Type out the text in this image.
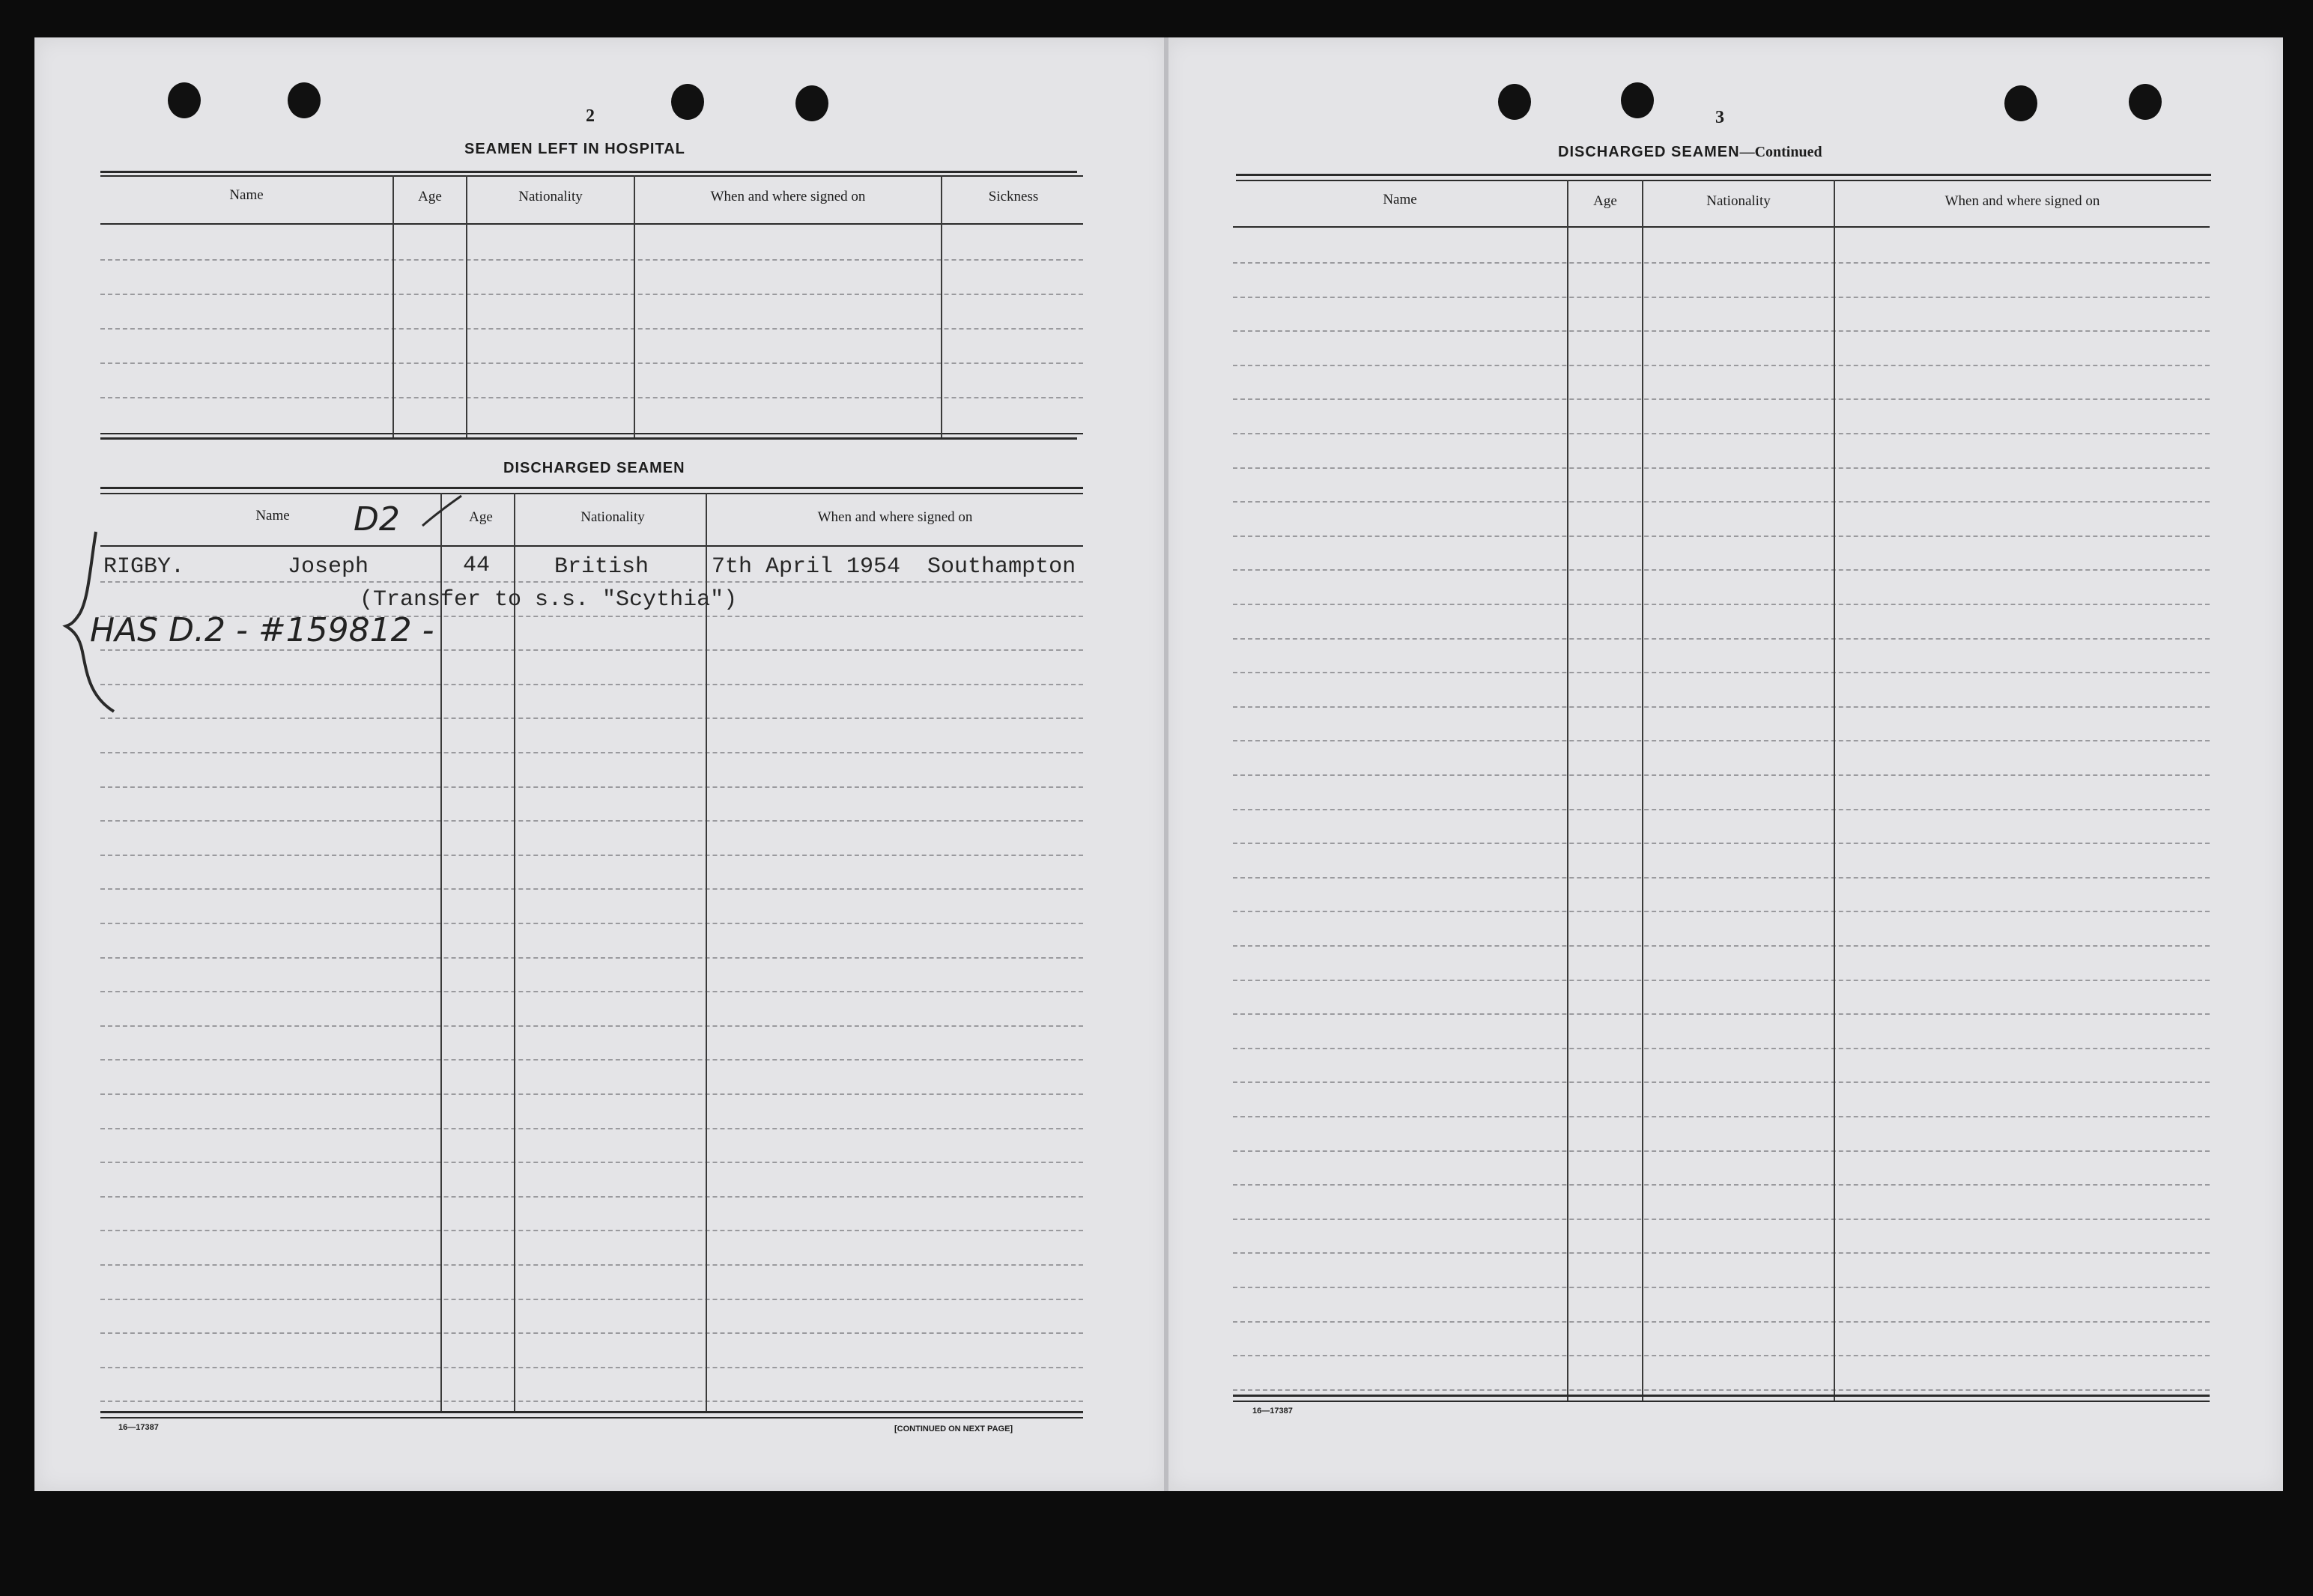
2
SEAMEN LEFT IN HOSPITAL
Name	Age	Nationality	When and where signed on	Sickness
DISCHARGED SEAMEN
Name	Age	Nationality	When and where signed on
RIGBY.	Joseph	44	British	7th April 1954  Southampton
(Transfer to s.s. "Scythia")
D2
HAS D.2 - #159812 -
16—17387	[CONTINUED ON NEXT PAGE]
3
DISCHARGED SEAMEN—Continued
Name	Age	Nationality	When and where signed on
16—17387
